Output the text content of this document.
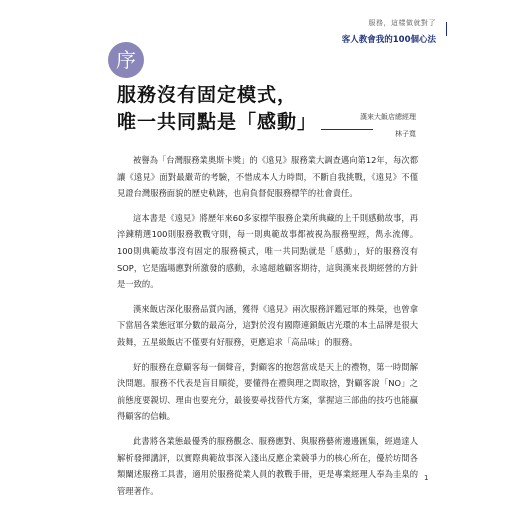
服務，這樣做就對了
客人教會我的100個心法
序
服務沒有固定模式，
唯一共同點是「感動」	漢來大飯店總經理
林子寬

被譽為「台灣服務業奧斯卡獎」的《遠見》服務業大調查邁向第12年，每次都讓《遠見》面對最嚴苛的考驗，不惜成本人力時間，不斷自我挑戰，《遠見》不僅見證台灣服務面貌的歷史軌跡，也肩負督促服務標竿的社會責任。

這本書是《遠見》將歷年來60多家標竿服務企業所典藏的上千則感動故事，再淬鍊精選100則服務教戰守則，每一則典範故事都被視為服務聖經，雋永流傳。100則典範故事沒有固定的服務模式，唯一共同點就是「感動」，好的服務沒有SOP，它是臨場應對所激發的感動，永遠超越顧客期待，這與漢來長期經營的方針是一致的。

漢來飯店深化服務品質內涵，獲得《遠見》兩次服務評鑑冠軍的殊榮，也曾拿下當屆各業態冠軍分數的最高分，這對於沒有國際連鎖飯店光環的本土品牌是很大鼓舞，五星級飯店不僅要有好服務，更應追求「高品味」的服務。

好的服務在意顧客每一個聲音，對顧客的抱怨當成是天上的禮物，第一時間解決問題。服務不代表是盲目順從，要懂得在禮與理之間取捨，對顧客說「NO」之前態度要親切、理由也要充分，最後要尋找替代方案，掌握這三部曲的技巧也能贏得顧客的信賴。

此書將各業態最優秀的服務觀念、服務應對、與服務藝術邊邊匯集，經過達人解析發揮講評，以實際典範故事深入淺出反應企業競爭力的核心所在，優於坊間各類闡述服務工具書，適用於服務從業人員的教戰手冊，更是專業經理人奉為圭臬的管理著作。

1
